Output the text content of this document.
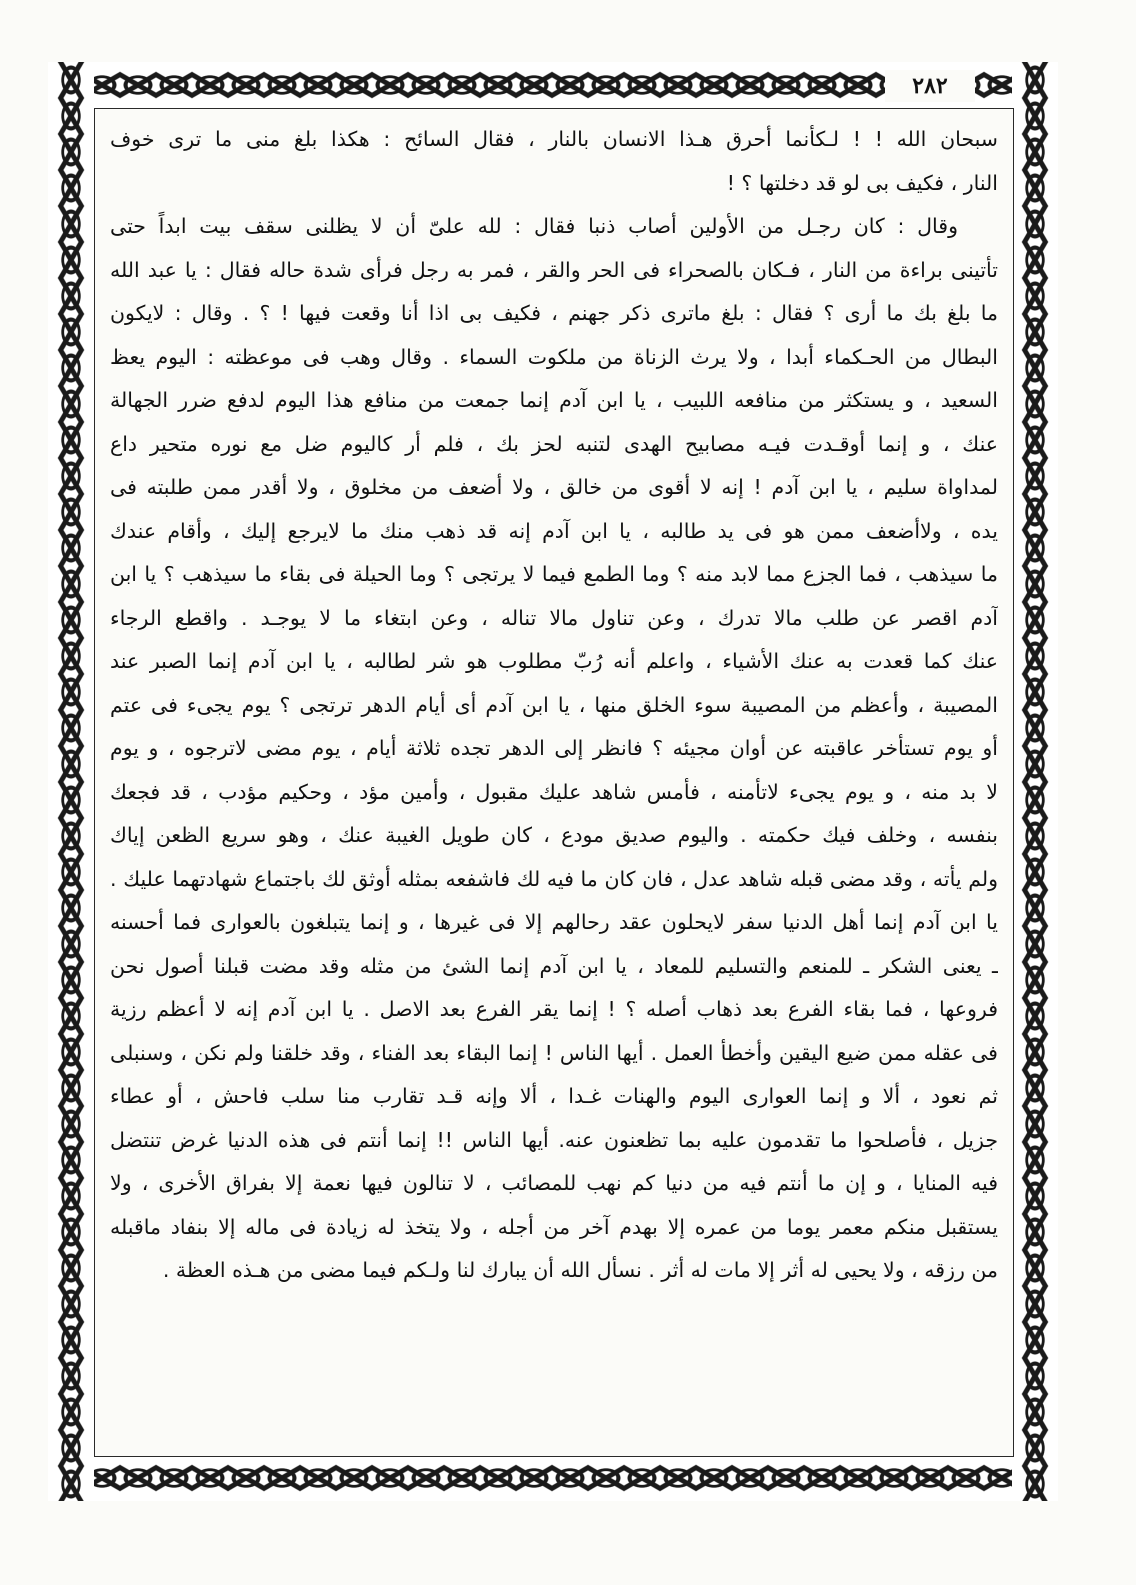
٢٨٢

سبحان الله ! ! لـكأنما أحرق هـذا الانسان بالنار ، فقال السائح : هكذا بلغ منى ما ترى خوف
النار ، فكيف بى لو قد دخلتها ؟ !

وقال : كان رجـل من الأولين أصاب ذنبا فقال : لله علىّ أن لا يظلنى سقف بيت ابداً حتى
تأتينى براءة من النار ، فـكان بالصحراء فى الحر والقر ، فمر به رجل فرأى شدة حاله فقال : يا عبد الله
ما بلغ بك ما أرى ؟ فقال : بلغ ماترى ذكر جهنم ، فكيف بى اذا أنا وقعت فيها ! ؟ . وقال : لايكون
البطال من الحـكماء أبدا ، ولا يرث الزناة من ملكوت السماء . وقال وهب فى موعظته : اليوم يعظ
السعيد ، و يستكثر من منافعه اللبيب ، يا ابن آدم إنما جمعت من منافع هذا اليوم لدفع ضرر الجهالة
عنك ، و إنما أوقـدت فيـه مصابيح الهدى لتنبه لحز بك ، فلم أر كاليوم ضل مع نوره متحير داع
لمداواة سليم ، يا ابن آدم ! إنه لا أقوى من خالق ، ولا أضعف من مخلوق ، ولا أقدر ممن طلبته فى
يده ، ولاأضعف ممن هو فى يد طالبه ، يا ابن آدم إنه قد ذهب منك ما لايرجع إليك ، وأقام عندك
ما سيذهب ، فما الجزع مما لابد منه ؟ وما الطمع فيما لا يرتجى ؟ وما الحيلة فى بقاء ما سيذهب ؟ يا ابن
آدم اقصر عن طلب مالا تدرك ، وعن تناول مالا تناله ، وعن ابتغاء ما لا يوجـد . واقطع الرجاء
عنك كما قعدت به عنك الأشياء ، واعلم أنه رُبّ مطلوب هو شر لطالبه ، يا ابن آدم إنما الصبر عند
المصيبة ، وأعظم من المصيبة سوء الخلق منها ، يا ابن آدم أى أيام الدهر ترتجى ؟ يوم يجىء فى عتم
أو يوم تستأخر عاقبته عن أوان مجيئه ؟ فانظر إلى الدهر تجده ثلاثة أيام ، يوم مضى لاترجوه ، و يوم
لا بد منه ، و يوم يجىء لاتأمنه ، فأمس شاهد عليك مقبول ، وأمين مؤد ، وحكيم مؤدب ، قد فجعك
بنفسه ، وخلف فيك حكمته . واليوم صديق مودع ، كان طويل الغيبة عنك ، وهو سريع الظعن إياك
ولم يأته ، وقد مضى قبله شاهد عدل ، فان كان ما فيه لك فاشفعه بمثله أوثق لك باجتماع شهادتهما عليك .
يا ابن آدم إنما أهل الدنيا سفر لايحلون عقد رحالهم إلا فى غيرها ، و إنما يتبلغون بالعوارى فما أحسنه
ـ يعنى الشكر ـ للمنعم والتسليم للمعاد ، يا ابن آدم إنما الشئ من مثله وقد مضت قبلنا أصول نحن
فروعها ، فما بقاء الفرع بعد ذهاب أصله ؟ ! إنما يقر الفرع بعد الاصل . يا ابن آدم إنه لا أعظم رزية
فى عقله ممن ضيع اليقين وأخطأ العمل . أيها الناس ! إنما البقاء بعد الفناء ، وقد خلقنا ولم نكن ، وسنبلى
ثم نعود ، ألا و إنما العوارى اليوم والهنات غـدا ، ألا وإنه قـد تقارب منا سلب فاحش ، أو عطاء
جزيل ، فأصلحوا ما تقدمون عليه بما تظعنون عنه. أيها الناس !! إنما أنتم فى هذه الدنيا غرض تنتضل
فيه المنايا ، و إن ما أنتم فيه من دنيا كم نهب للمصائب ، لا تنالون فيها نعمة إلا بفراق الأخرى ، ولا
يستقبل منكم معمر يوما من عمره إلا بهدم آخر من أجله ، ولا يتخذ له زيادة فى ماله إلا بنفاد ماقبله
من رزقه ، ولا يحيى له أثر إلا مات له أثر . نسأل الله أن يبارك لنا ولـكم فيما مضى من هـذه العظة .
